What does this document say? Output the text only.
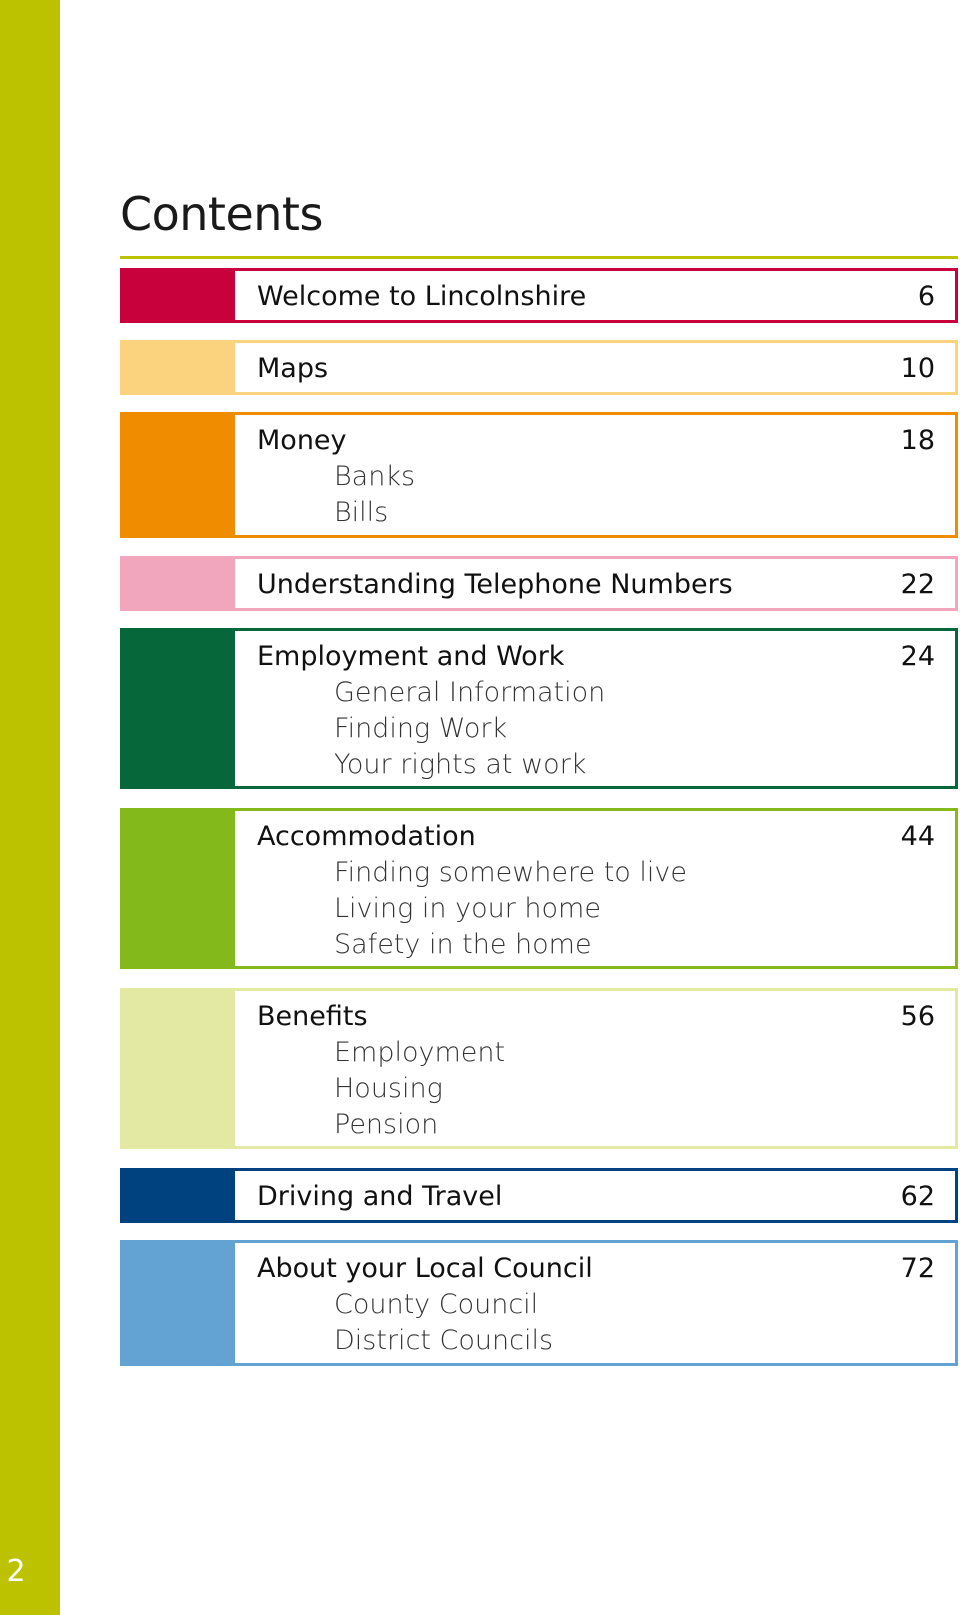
2
Contents
Welcome to Lincolnshire	6
Maps	10
Money	18
Banks
Bills
Understanding Telephone Numbers	22
Employment and Work	24
General Information
Finding Work
Your rights at work
Accommodation	44
Finding somewhere to live
Living in your home
Safety in the home
Benefits	56
Employment
Housing
Pension
Driving and Travel	62
About your Local Council	72
County Council
District Councils
